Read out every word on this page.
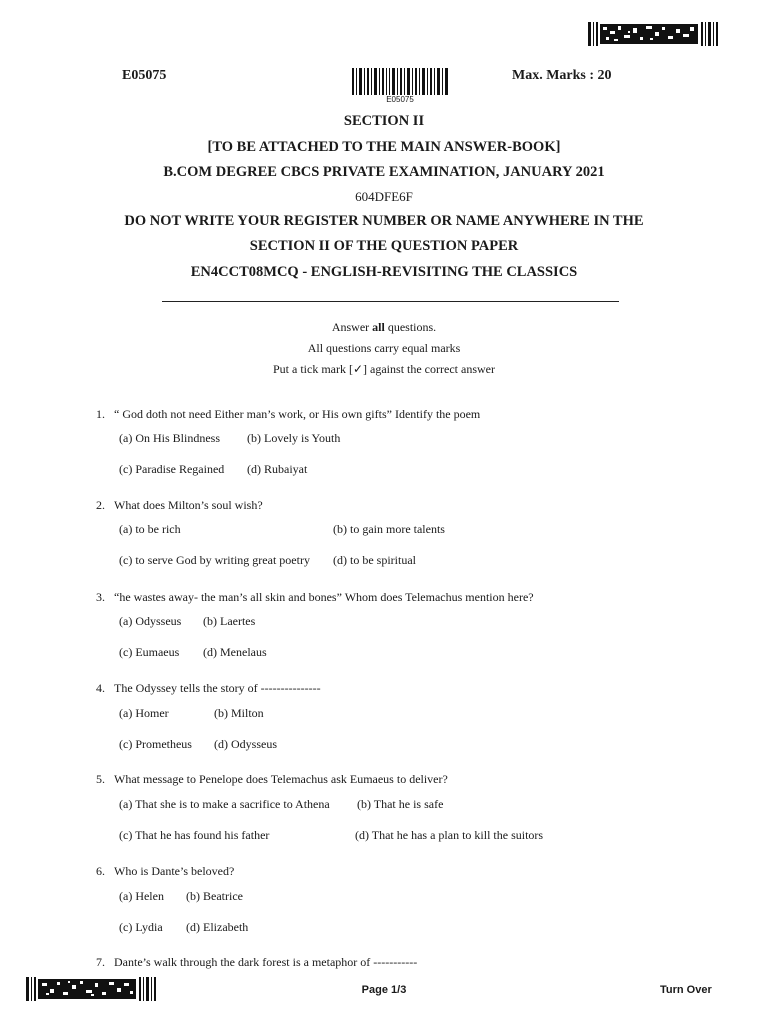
E05075
E05075
Max. Marks : 20
SECTION II
[TO BE ATTACHED TO THE MAIN ANSWER-BOOK]
B.COM DEGREE CBCS PRIVATE EXAMINATION, JANUARY 2021
604DFE6F
DO NOT WRITE YOUR REGISTER NUMBER OR NAME ANYWHERE IN THE
SECTION II OF THE QUESTION PAPER
EN4CCT08MCQ - ENGLISH-REVISITING THE CLASSICS
Answer all questions.
All questions carry equal marks
Put a tick mark [✓] against the correct answer
1. “ God doth not need Either man’s work, or His own gifts” Identify the poem
(a) On His Blindness (b) Lovely is Youth
(c) Paradise Regained (d) Rubaiyat
2. What does Milton’s soul wish?
(a) to be rich	(b) to gain more talents
(c) to serve God by writing great poetry (d) to be spiritual
3. “he wastes away- the man’s all skin and bones” Whom does Telemachus mention here?
(a) Odysseus (b) Laertes
(c) Eumaeus (d) Menelaus
4. The Odyssey tells the story of ---------------
(a) Homer	(b) Milton
(c) Prometheus (d) Odysseus
5. What message to Penelope does Telemachus ask Eumaeus to deliver?
(a) That she is to make a sacrifice to Athena (b) That he is safe
(c) That he has found his father	(d) That he has a plan to kill the suitors
6. Who is Dante’s beloved?
(a) Helen (b) Beatrice
(c) Lydia (d) Elizabeth
7. Dante’s walk through the dark forest is a metaphor of -----------
Page 1/3	Turn Over
